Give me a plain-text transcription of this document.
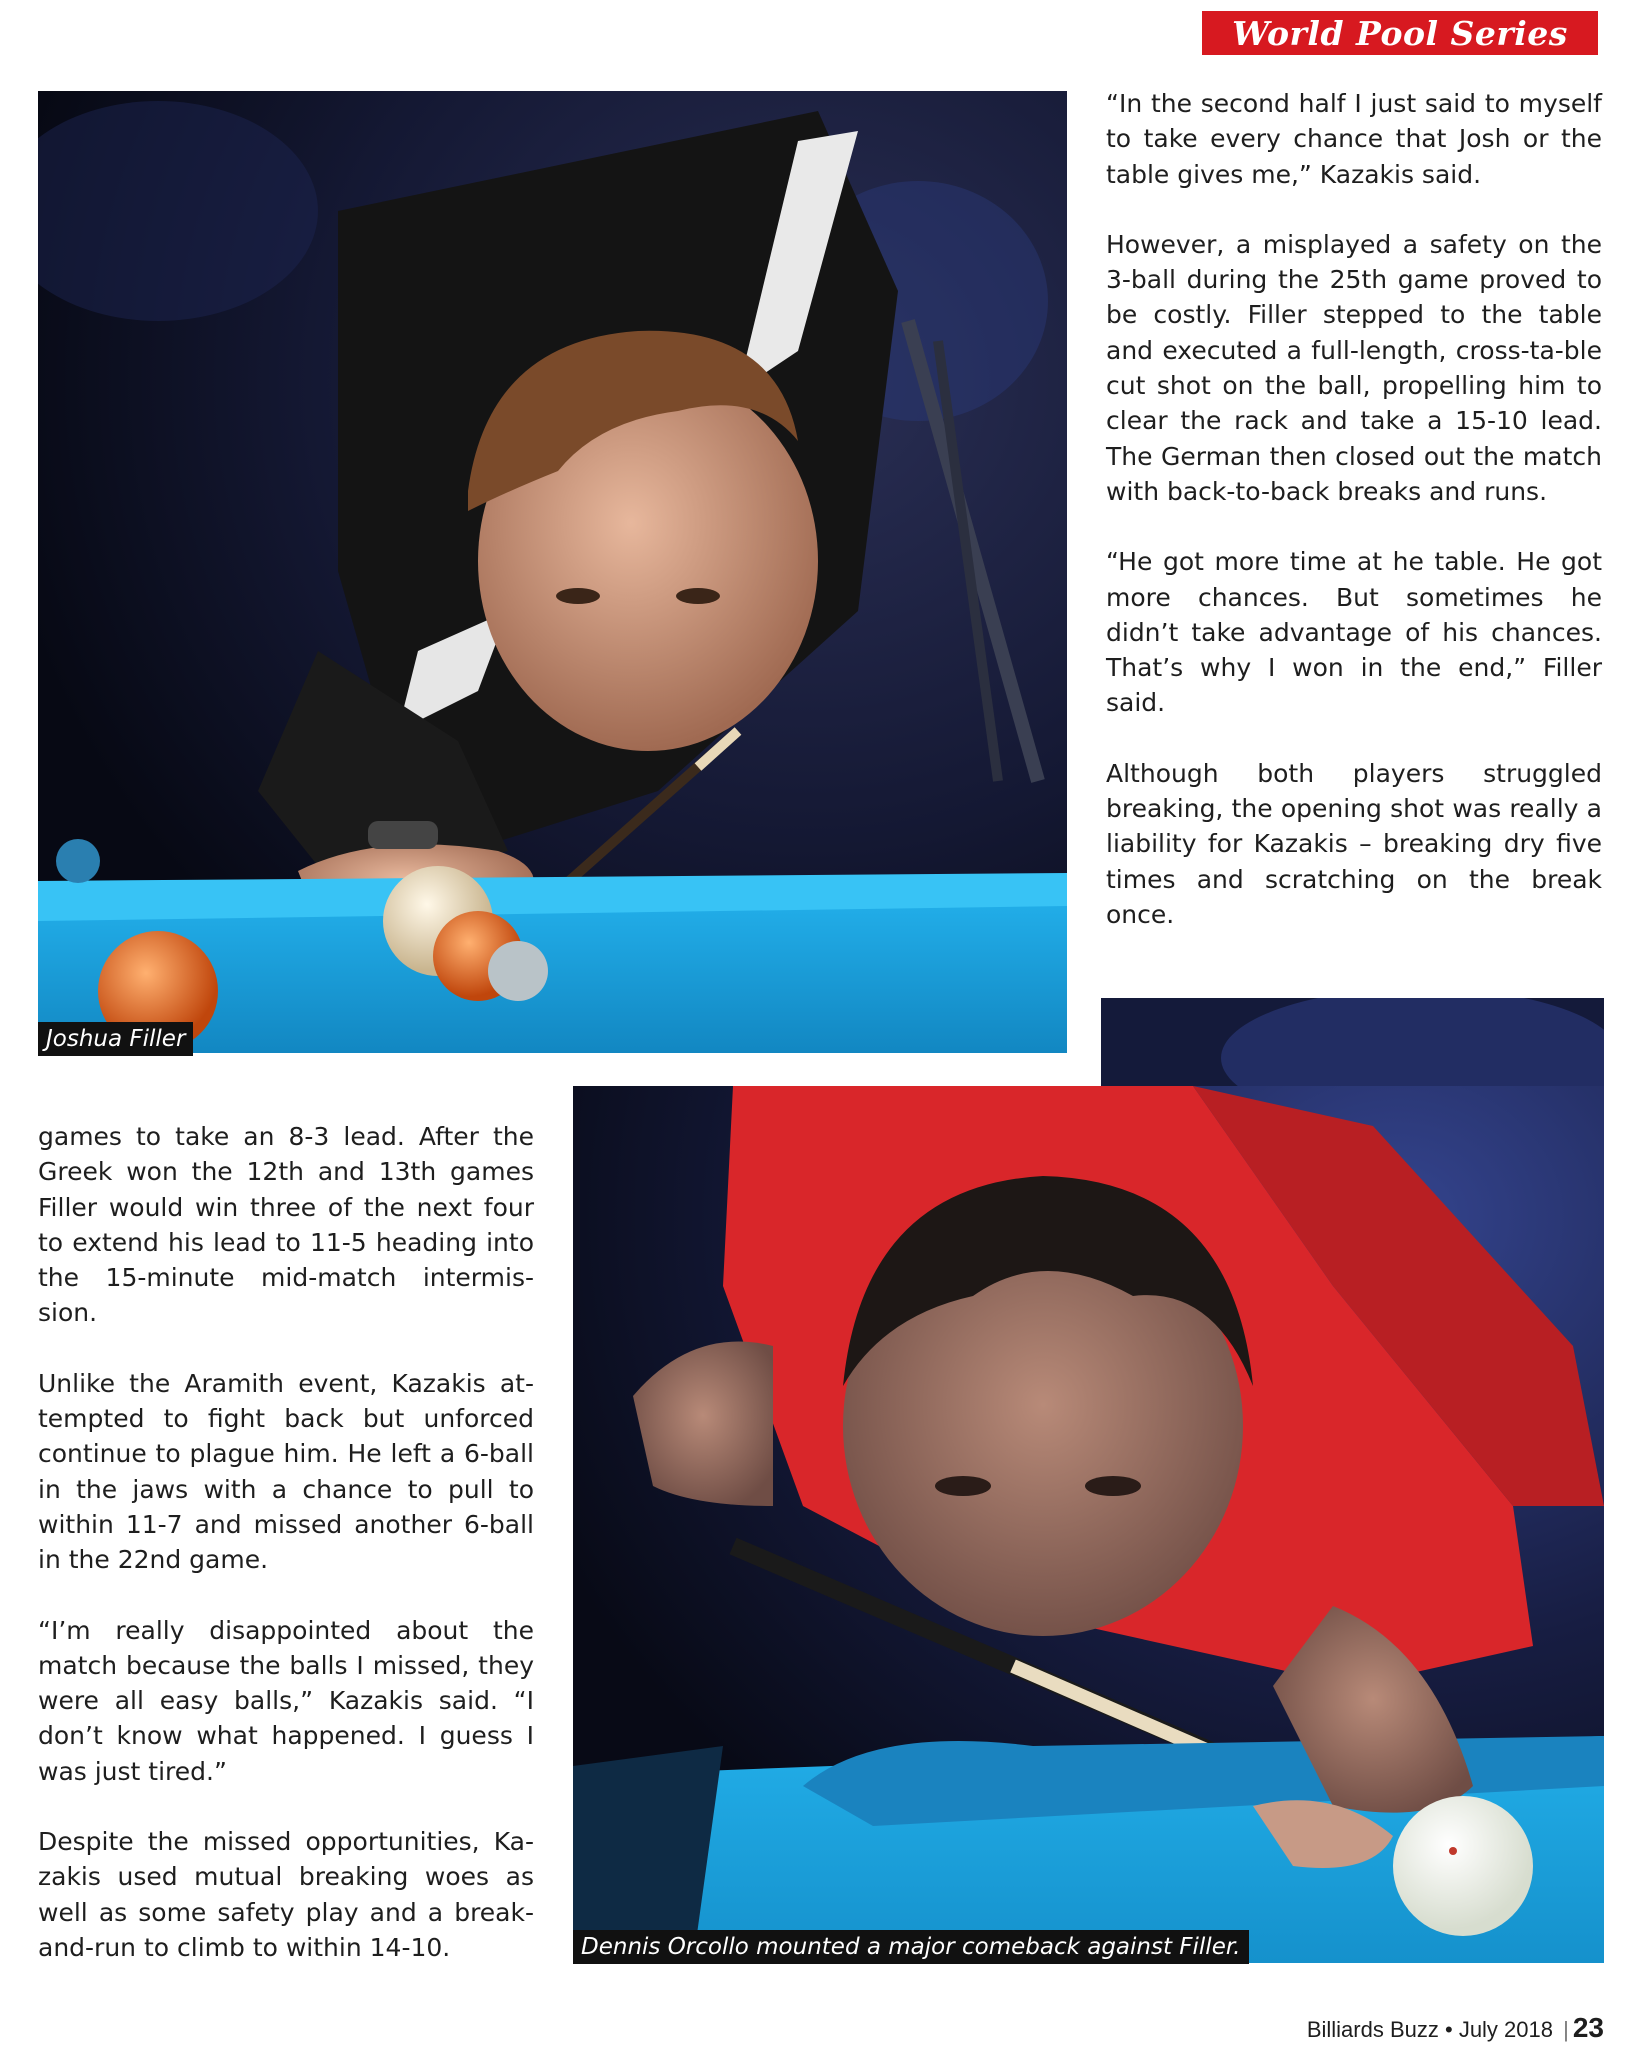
World Pool Series
Joshua Filler
Dennis Orcollo mounted a major comeback against Filler.

“In the second half I just said to myself to take every chance that Josh or the table gives me,” Kazakis said.

However, a misplayed a safety on the 3-ball during the 25th game proved to be costly. Filler stepped to the table and executed a full-length, cross-ta-ble cut shot on the ball, propelling him to clear the rack and take a 15-10 lead. The German then closed out the match with back-to-back breaks and runs.

“He got more time at he table. He got more chances. But sometimes he didn’t take advantage of his chances. That’s why I won in the end,” Filler said.

Although both players struggled breaking, the opening shot was really a liability for Kazakis – breaking dry five times and scratching on the break once.

games to take an 8-3 lead. After the Greek won the 12th and 13th games Filler would win three of the next four to extend his lead to 11-5 heading into the 15-minute mid-match intermis-sion.

Unlike the Aramith event, Kazakis at-tempted to fight back but unforced continue to plague him. He left a 6-ball in the jaws with a chance to pull to within 11-7 and missed another 6-ball in the 22nd game.

“I’m really disappointed about the match because the balls I missed, they were all easy balls,” Kazakis said. “I don’t know what happened. I guess I was just tired.”

Despite the missed opportunities, Ka-zakis used mutual breaking woes as well as some safety play and a break-and-run to climb to within 14-10.

Billiards Buzz • July 2018 | 23
